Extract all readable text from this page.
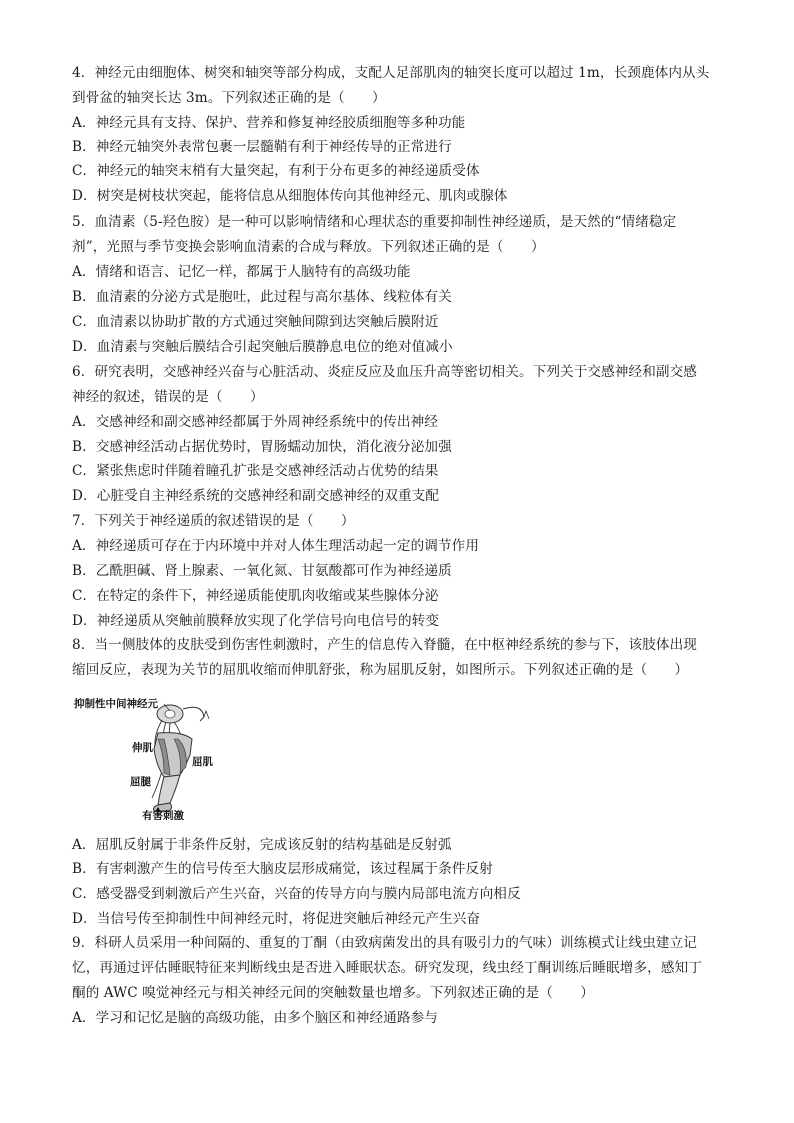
4．神经元由细胞体、树突和轴突等部分构成，支配人足部肌肉的轴突长度可以超过 1m，长颈鹿体内从头
到骨盆的轴突长达 3m。下列叙述正确的是（　　）
A．神经元具有支持、保护、营养和修复神经胶质细胞等多种功能
B．神经元轴突外表常包裹一层髓鞘有利于神经传导的正常进行
C．神经元的轴突末梢有大量突起，有利于分布更多的神经递质受体
D．树突是树枝状突起，能将信息从细胞体传向其他神经元、肌肉或腺体
5．血清素（5-羟色胺）是一种可以影响情绪和心理状态的重要抑制性神经递质，是天然的“情绪稳定
剂”，光照与季节变换会影响血清素的合成与释放。下列叙述正确的是（　　）
A．情绪和语言、记忆一样，都属于人脑特有的高级功能
B．血清素的分泌方式是胞吐，此过程与高尔基体、线粒体有关
C．血清素以协助扩散的方式通过突触间隙到达突触后膜附近
D．血清素与突触后膜结合引起突触后膜静息电位的绝对值减小
6．研究表明，交感神经兴奋与心脏活动、炎症反应及血压升高等密切相关。下列关于交感神经和副交感
神经的叙述，错误的是（　　）
A．交感神经和副交感神经都属于外周神经系统中的传出神经
B．交感神经活动占据优势时，胃肠蠕动加快，消化液分泌加强
C．紧张焦虑时伴随着瞳孔扩张是交感神经活动占优势的结果
D．心脏受自主神经系统的交感神经和副交感神经的双重支配
7．下列关于神经递质的叙述错误的是（　　）
A．神经递质可存在于内环境中并对人体生理活动起一定的调节作用
B．乙酰胆碱、肾上腺素、一氧化氮、甘氨酸都可作为神经递质
C．在特定的条件下，神经递质能使肌肉收缩或某些腺体分泌
D．神经递质从突触前膜释放实现了化学信号向电信号的转变
8．当一侧肢体的皮肤受到伤害性刺激时，产生的信息传入脊髓，在中枢神经系统的参与下，该肢体出现
缩回反应，表现为关节的屈肌收缩而伸肌舒张，称为屈肌反射，如图所示。下列叙述正确的是（　　）
抑制性中间神经元
伸肌
屈肌
屈腿
有害刺激
A．屈肌反射属于非条件反射，完成该反射的结构基础是反射弧
B．有害刺激产生的信号传至大脑皮层形成痛觉，该过程属于条件反射
C．感受器受到刺激后产生兴奋，兴奋的传导方向与膜内局部电流方向相反
D．当信号传至抑制性中间神经元时，将促进突触后神经元产生兴奋
9．科研人员采用一种间隔的、重复的丁酮（由致病菌发出的具有吸引力的气味）训练模式让线虫建立记
忆，再通过评估睡眠特征来判断线虫是否进入睡眠状态。研究发现，线虫经丁酮训练后睡眠增多，感知丁
酮的 AWC 嗅觉神经元与相关神经元间的突触数量也增多。下列叙述正确的是（　　）
A．学习和记忆是脑的高级功能，由多个脑区和神经通路参与
